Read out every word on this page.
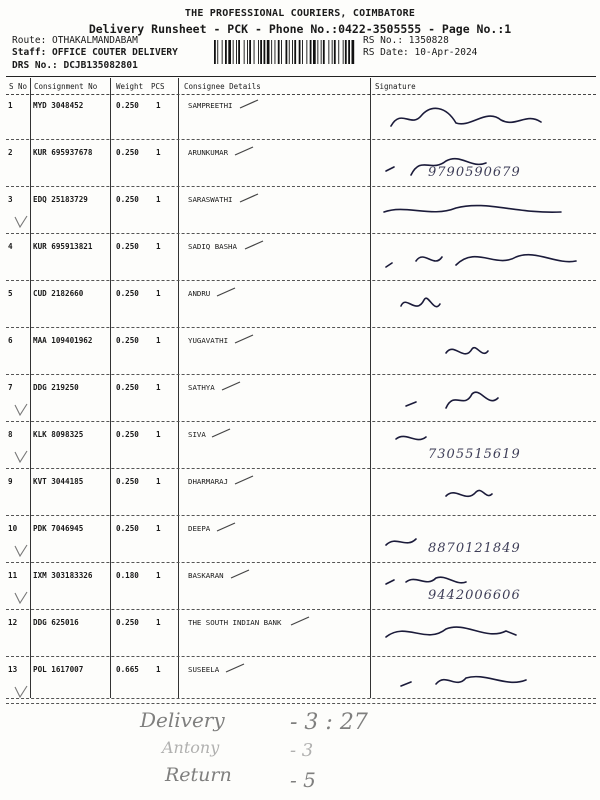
THE PROFESSIONAL COURIERS, COIMBATORE
Delivery Runsheet - PCK - Phone No.:0422-3505555 - Page No.:1
Route: OTHAKALMANDABAM
Staff: OFFICE COUTER DELIVERY
DRS No.: DCJB135082801
RS No.: 1350828
RS Date: 10-Apr-2024
S No Consignment No	Weight PCS	Consignee Details	Signature
1	MYD 3048452	0.250 1	SAMPREETHI
2	KUR 695937678	0.250 1	ARUNKUMAR
9790590679
3	EDQ 25183729	0.250 1	SARASWATHI
4	KUR 695913821	0.250 1	SADIQ BASHA
5	CUD 2182660	0.250 1	ANDRU
6	MAA 109401962	0.250 1	YUGAVATHI
7	DDG 219250	0.250 1	SATHYA
8	KLK 8098325	0.250 1	SIVA
7305515619
9	KVT 3044185	0.250 1	DHARMARAJ
10 PDK 7046945	0.250 1	DEEPA
8870121849
11 IXM 303183326	0.180 1	BASKARAN
9442006606
12 DDG 625016	0.250 1	THE SOUTH INDIAN BANK
13 POL 1617007	0.665 1	SUSEELA
Delivery	- 3 : 27
Antony	- 3
Return	- 5
